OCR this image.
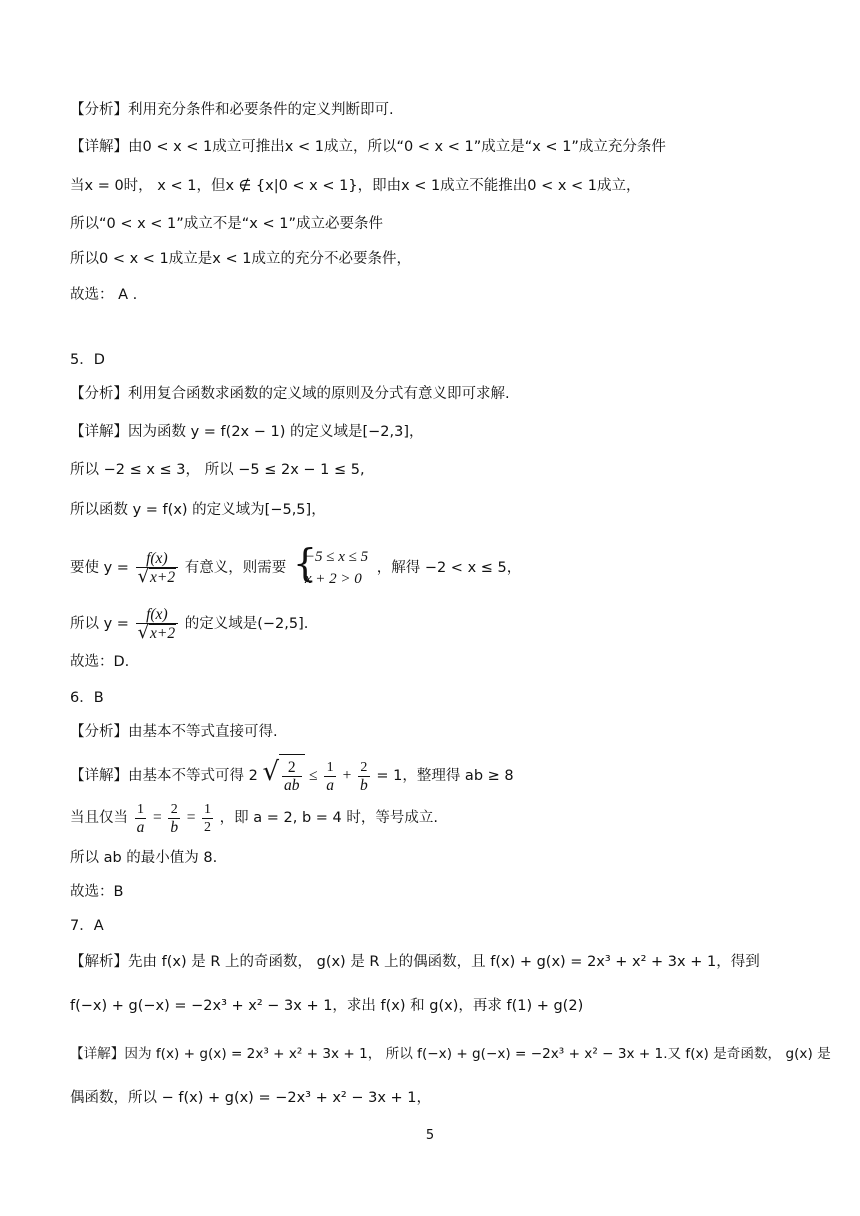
【分析】利用充分条件和必要条件的定义判断即可.
【详解】由0 < x < 1成立可推出x < 1成立，所以“0 < x < 1”成立是“x < 1”成立充分条件
当x = 0时， x < 1，但x ∉ {x|0 < x < 1}，即由x < 1成立不能推出0 < x < 1成立，
所以“0 < x < 1”成立不是“x < 1”成立必要条件
所以0 < x < 1成立是x < 1成立的充分不必要条件，
故选： A .
5．D
【分析】利用复合函数求函数的定义域的原则及分式有意义即可求解.
【详解】因为函数 y = f(2x − 1) 的定义域是[−2,3]，
所以 −2 ≤ x ≤ 3， 所以 −5 ≤ 2x − 1 ≤ 5,
所以函数 y = f(x) 的定义域为[−5,5]，
要使 $y = \frac{f(x)}{√x+2}$ 有意义，则需要 {
−5 ≤ x ≤ 5
x + 2 > 0
，解得 −2 < x ≤ 5，
所以 $y = \frac{f(x)}{√x+2}$ 的定义域是(−2,5].
故选：D.
6．B
【分析】由基本不等式直接可得.
【详解】由基本不等式可得 2 √ $\frac{2}{ab} \le \frac{1}{a} + \frac{2}{b} = 1$，整理得 ab ≥ 8
当且仅当 $\frac{1}{a} = \frac{2}{b} = \frac{1}{2}$ ，即 a = 2, b = 4 时，等号成立.
所以 ab 的最小值为 8.
故选：B
7．A
【解析】先由 f(x) 是 R 上的奇函数， g(x) 是 R 上的偶函数，且 f(x) + g(x) = 2x³ + x² + 3x + 1，得到
f(−x) + g(−x) = −2x³ + x² − 3x + 1，求出 f(x) 和 g(x)，再求 f(1) + g(2)
【详解】因为 f(x) + g(x) = 2x³ + x² + 3x + 1， 所以 f(−x) + g(−x) = −2x³ + x² − 3x + 1.又 f(x) 是奇函数， g(x) 是
偶函数，所以 − f(x) + g(x) = −2x³ + x² − 3x + 1，
5
